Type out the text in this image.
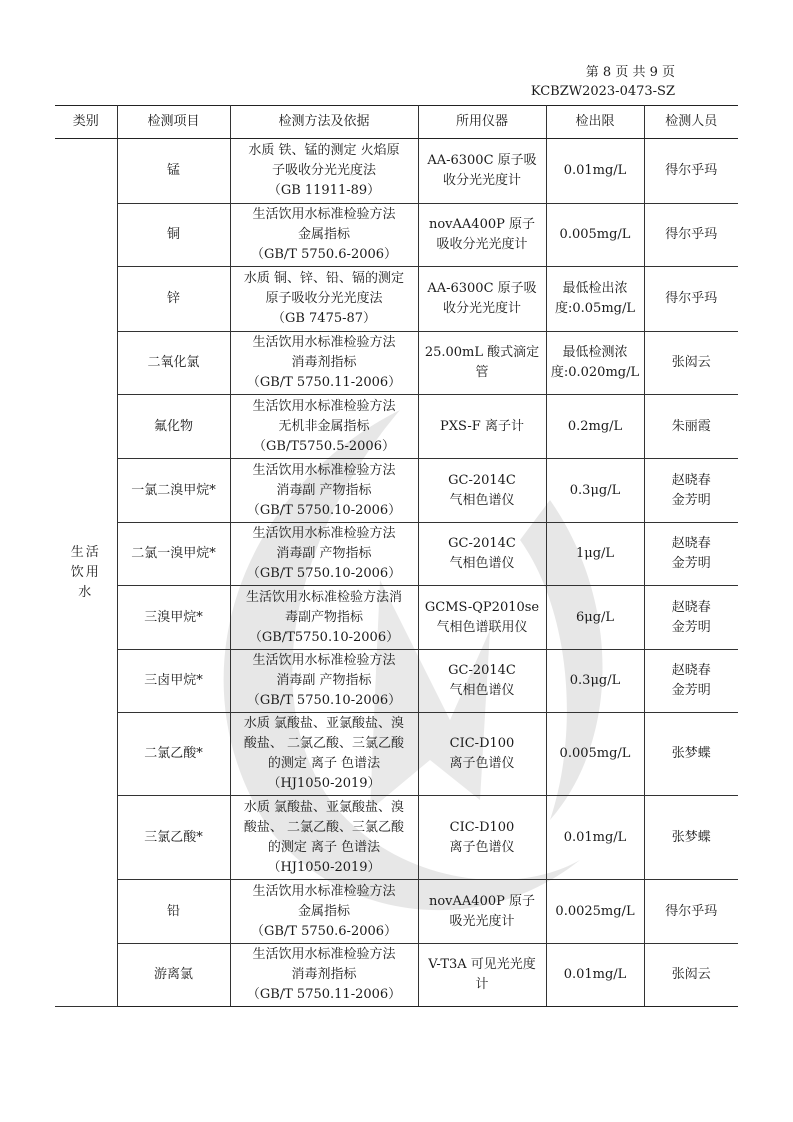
第 8 页 共 9 页
KCBZW2023-0473-SZ
类别	检测项目	检测方法及依据	所用仪器	检出限	检测人员
生活饮用水	锰	水质 铁、锰的测定 火焰原
子吸收分光光度法
（GB 11911-89）	AA-6300C 原子吸
收分光光度计	0.01mg/L	得尔乎玛

	铜	生活饮用水标准检验方法
金属指标
（GB/T 5750.6-2006）	novAA400P 原子
吸收分光光度计	0.005mg/L	得尔乎玛

	锌	水质 铜、锌、铅、镉的测定
原子吸收分光光度法
（GB 7475-87）	AA-6300C 原子吸
收分光光度计	最低检出浓
度:0.05mg/L	得尔乎玛

	二氧化氯	生活饮用水标准检验方法
消毒剂指标
（GB/T 5750.11-2006）	25.00mL 酸式滴定
管	最低检测浓
度:0.020mg/L	张闳云

	氟化物	生活饮用水标准检验方法
无机非金属指标
（GB/T5750.5-2006）	PXS-F 离子计	0.2mg/L	朱丽霞

	一氯二溴甲烷*	生活饮用水标准检验方法
消毒副 产物指标
（GB/T 5750.10-2006）	GC-2014C
气相色谱仪	0.3μg/L	赵晓春
金芳明

	二氯一溴甲烷*	生活饮用水标准检验方法
消毒副 产物指标
（GB/T 5750.10-2006）	GC-2014C
气相色谱仪	1μg/L	赵晓春
金芳明

	三溴甲烷*	生活饮用水标准检验方法消
毒副产物指标
（GB/T5750.10-2006）	GCMS-QP2010se
气相色谱联用仪	6μg/L	赵晓春
金芳明

	三卤甲烷*	生活饮用水标准检验方法
消毒副 产物指标
（GB/T 5750.10-2006）	GC-2014C
气相色谱仪	0.3μg/L	赵晓春
金芳明

	二氯乙酸*	水质 氯酸盐、亚氯酸盐、溴
酸盐、 二氯乙酸、三氯乙酸
的测定 离子 色谱法
（HJ1050-2019）	CIC-D100
离子色谱仪	0.005mg/L	张梦蝶

	三氯乙酸*	水质 氯酸盐、亚氯酸盐、溴
酸盐、 二氯乙酸、三氯乙酸
的测定 离子 色谱法
（HJ1050-2019）	CIC-D100
离子色谱仪	0.01mg/L	张梦蝶

	铅	生活饮用水标准检验方法
金属指标
（GB/T 5750.6-2006）	novAA400P 原子
吸光光度计	0.0025mg/L	得尔乎玛

	游离氯	生活饮用水标准检验方法
消毒剂指标
（GB/T 5750.11-2006）	V-T3A 可见光光度
计	0.01mg/L	张闳云
